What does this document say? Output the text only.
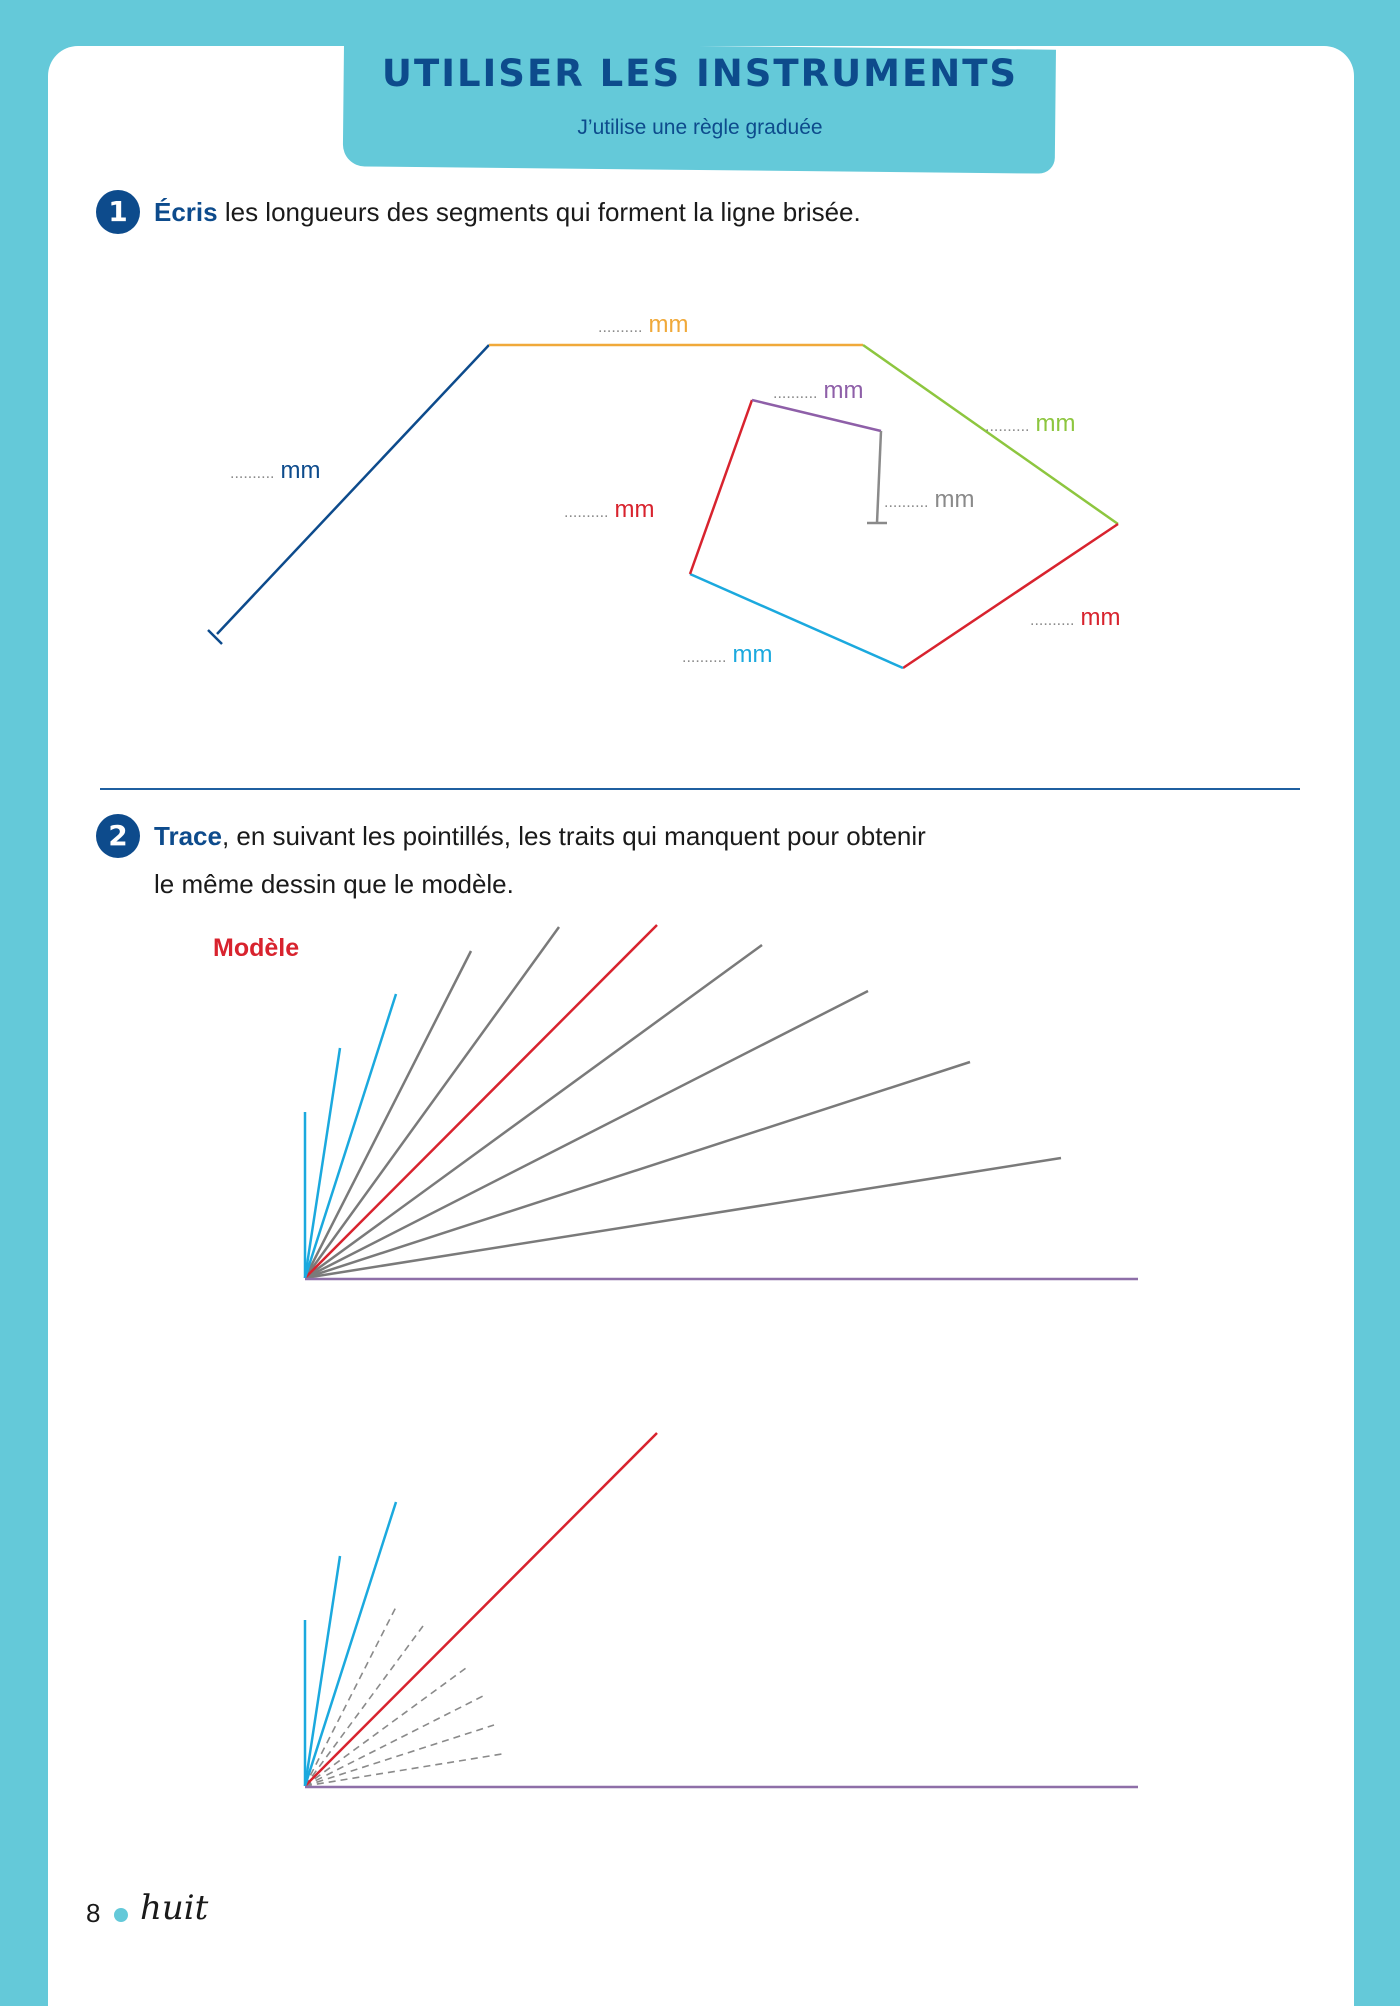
UTILISER LES INSTRUMENTS
J’utilise une règle graduée
1	Écris les longueurs des segments qui forment la ligne brisée.
.......... mm
.......... mm
.......... mm
.......... mm
.......... mm
.......... mm
.......... mm
.......... mm
2	Trace, en suivant les pointillés, les traits qui manquent pour obtenir
le même dessin que le modèle.
Modèle
8 huit
